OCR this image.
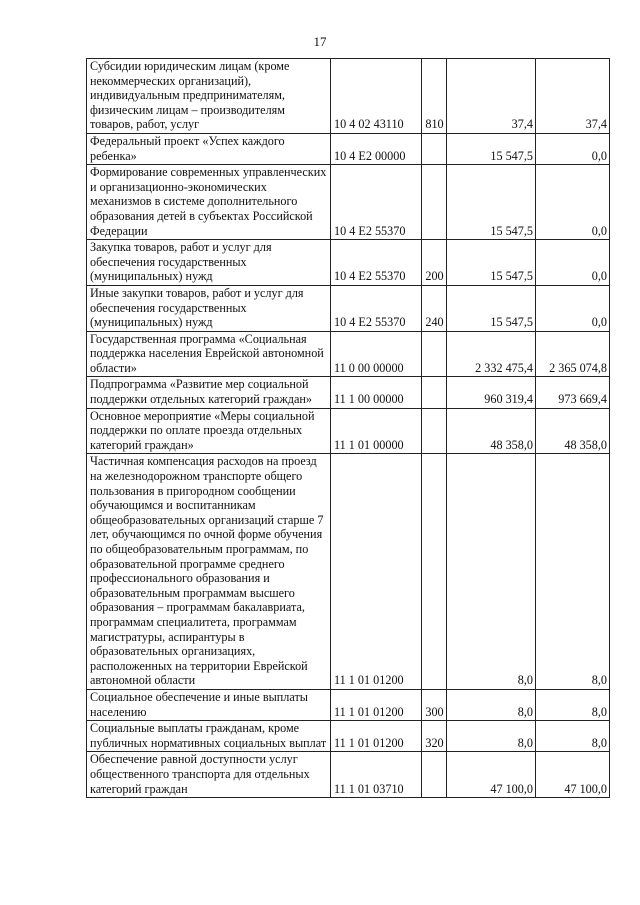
17
Субсидии юридическим лицам (кроме некоммерческих организаций), индивидуальным предпринимателям, физическим лицам – производителям товаров, работ, услуг	10 4 02 43110	810	37,4	37,4
Федеральный проект «Успех каждого ребенка»	10 4 E2 00000		15 547,5	0,0
Формирование современных управленческих и организационно-экономических механизмов в системе дополнительного образования детей в субъектах Российской Федерации	10 4 E2 55370		15 547,5	0,0
Закупка товаров, работ и услуг для обеспечения государственных (муниципальных) нужд	10 4 E2 55370	200	15 547,5	0,0
Иные закупки товаров, работ и услуг для обеспечения государственных (муниципальных) нужд	10 4 E2 55370	240	15 547,5	0,0
Государственная программа «Социальная поддержка населения Еврейской автономной области»	11 0 00 00000		2 332 475,4	2 365 074,8
Подпрограмма «Развитие мер социальной поддержки отдельных категорий граждан»	11 1 00 00000		960 319,4	973 669,4
Основное мероприятие «Меры социальной поддержки по оплате проезда отдельных категорий граждан»	11 1 01 00000		48 358,0	48 358,0
Частичная компенсация расходов на проезд на железнодорожном транспорте общего пользования в пригородном сообщении обучающимся и воспитанникам общеобразовательных организаций старше 7 лет, обучающимся по очной форме обучения по общеобразовательным программам, по образовательной программе среднего профессионального образования и образовательным программам высшего образования – программам бакалавриата, программам специалитета, программам магистратуры, аспирантуры в образовательных организациях, расположенных на территории Еврейской автономной области	11 1 01 01200		8,0	8,0
Социальное обеспечение и иные выплаты населению	11 1 01 01200	300	8,0	8,0
Социальные выплаты гражданам, кроме публичных нормативных социальных выплат	11 1 01 01200	320	8,0	8,0
Обеспечение равной доступности услуг общественного транспорта для отдельных категорий граждан	11 1 01 03710		47 100,0	47 100,0
